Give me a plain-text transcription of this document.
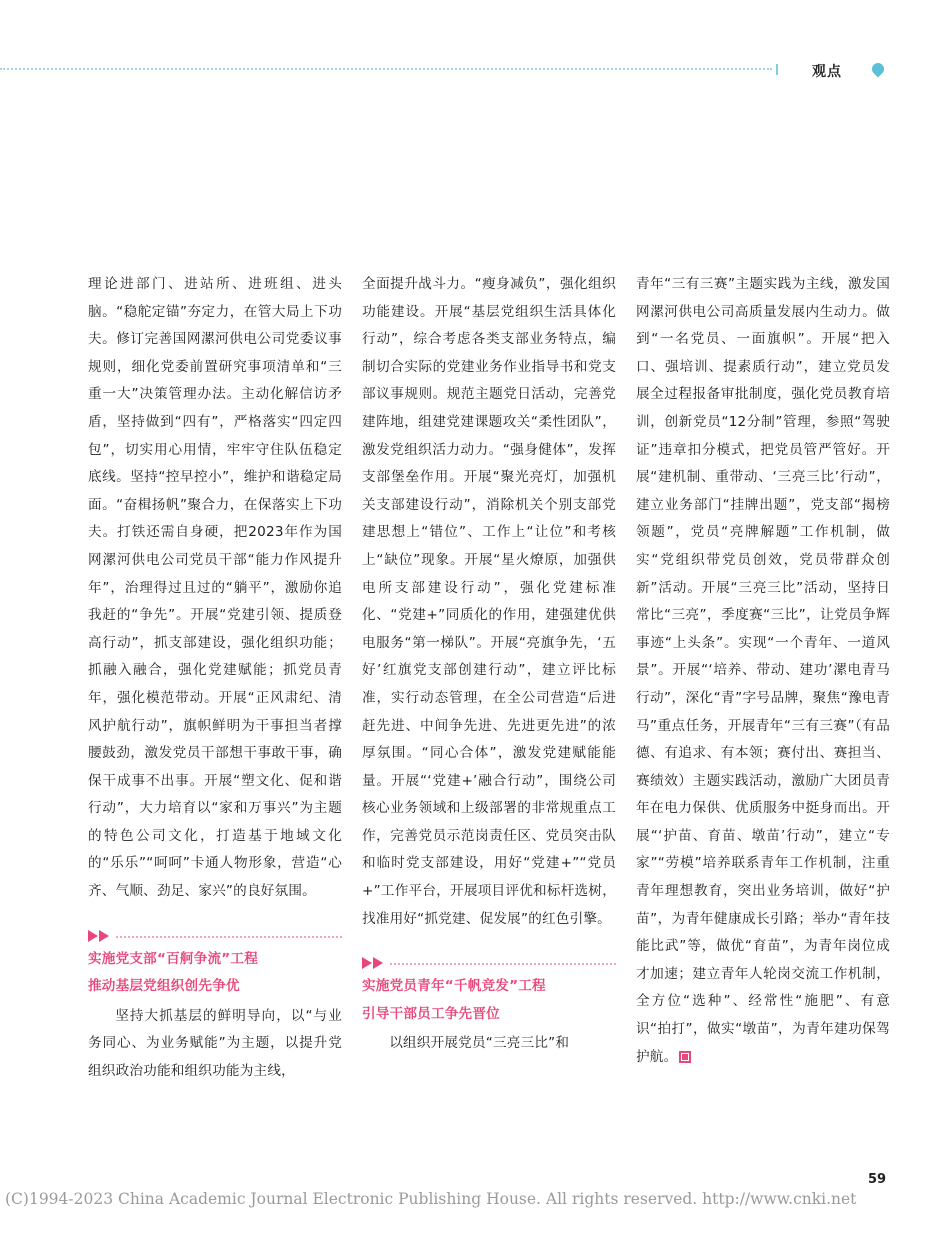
观点

理论进部门、进站所、进班组、进头脑。“稳舵定锚”夯定力，在管大局上下功夫。修订完善国网漯河供电公司党委议事规则，细化党委前置研究事项清单和“三重一大”决策管理办法。主动化解信访矛盾，坚持做到“四有”，严格落实“四定四包”，切实用心用情，牢牢守住队伍稳定底线。坚持“控早控小”，维护和谐稳定局面。“奋楫扬帆”聚合力，在保落实上下功夫。打铁还需自身硬，把2023年作为国网漯河供电公司党员干部“能力作风提升年”，治理得过且过的“躺平”，激励你追我赶的“争先”。开展“党建引领、提质登高行动”，抓支部建设，强化组织功能；抓融入融合，强化党建赋能；抓党员青年，强化模范带动。开展“正风肃纪、清风护航行动”，旗帜鲜明为干事担当者撑腰鼓劲，激发党员干部想干事敢干事，确保干成事不出事。开展“塑文化、促和谐行动”，大力培育以“家和万事兴”为主题的特色公司文化，打造基于地域文化的“乐乐”“呵呵”卡通人物形象，营造“心齐、气顺、劲足、家兴”的良好氛围。

实施党支部“百舸争流”工程
推动基层党组织创先争优

坚持大抓基层的鲜明导向，以“与业务同心、为业务赋能”为主题，以提升党组织政治功能和组织功能为主线，

全面提升战斗力。“瘦身减负”，强化组织功能建设。开展“基层党组织生活具体化行动”，综合考虑各类支部业务特点，编制切合实际的党建业务作业指导书和党支部议事规则。规范主题党日活动，完善党建阵地，组建党建课题攻关“柔性团队”，激发党组织活力动力。“强身健体”，发挥支部堡垒作用。开展“聚光亮灯，加强机关支部建设行动”，消除机关个别支部党建思想上“错位”、工作上“让位”和考核上“缺位”现象。开展“星火燎原，加强供电所支部建设行动”，强化党建标准化、“党建+”同质化的作用，建强建优供电服务“第一梯队”。开展“亮旗争先，‘五好’红旗党支部创建行动”，建立评比标准，实行动态管理，在全公司营造“后进赶先进、中间争先进、先进更先进”的浓厚氛围。“同心合体”，激发党建赋能能量。开展“‘党建+’融合行动”，围绕公司核心业务领域和上级部署的非常规重点工作，完善党员示范岗责任区、党员突击队和临时党支部建设，用好“党建+”“党员+”工作平台，开展项目评优和标杆选树，找准用好“抓党建、促发展”的红色引擎。

实施党员青年“千帆竞发”工程
引导干部员工争先晋位

以组织开展党员“三亮三比”和

青年“三有三赛”主题实践为主线，激发国网漯河供电公司高质量发展内生动力。做到“一名党员、一面旗帜”。开展“把入口、强培训、提素质行动”，建立党员发展全过程报备审批制度，强化党员教育培训，创新党员“12分制”管理，参照“驾驶证”违章扣分模式，把党员管严管好。开展“建机制、重带动、‘三亮三比’行动”，建立业务部门“挂牌出题”，党支部“揭榜领题”，党员“亮牌解题”工作机制，做实“党组织带党员创效，党员带群众创新”活动。开展“三亮三比”活动，坚持日常比“三亮”，季度赛“三比”，让党员争辉事迹“上头条”。实现“一个青年、一道风景”。开展“‘培养、带动、建功’漯电青马行动”，深化“青”字号品牌，聚焦“豫电青马”重点任务，开展青年“三有三赛”（有品德、有追求、有本领；赛付出、赛担当、赛绩效）主题实践活动，激励广大团员青年在电力保供、优质服务中挺身而出。开展“‘护苗、育苗、墩苗’行动”，建立“专家”“劳模”培养联系青年工作机制，注重青年理想教育，突出业务培训，做好“护苗”，为青年健康成长引路；举办“青年技能比武”等，做优“育苗”，为青年岗位成才加速；建立青年人轮岗交流工作机制，全方位“选种”、经常性“施肥”、有意识“拍打”，做实“墩苗”，为青年建功保驾护航。

59
(C)1994-2023 China Academic Journal Electronic Publishing House. All rights reserved. http://www.cnki.net
